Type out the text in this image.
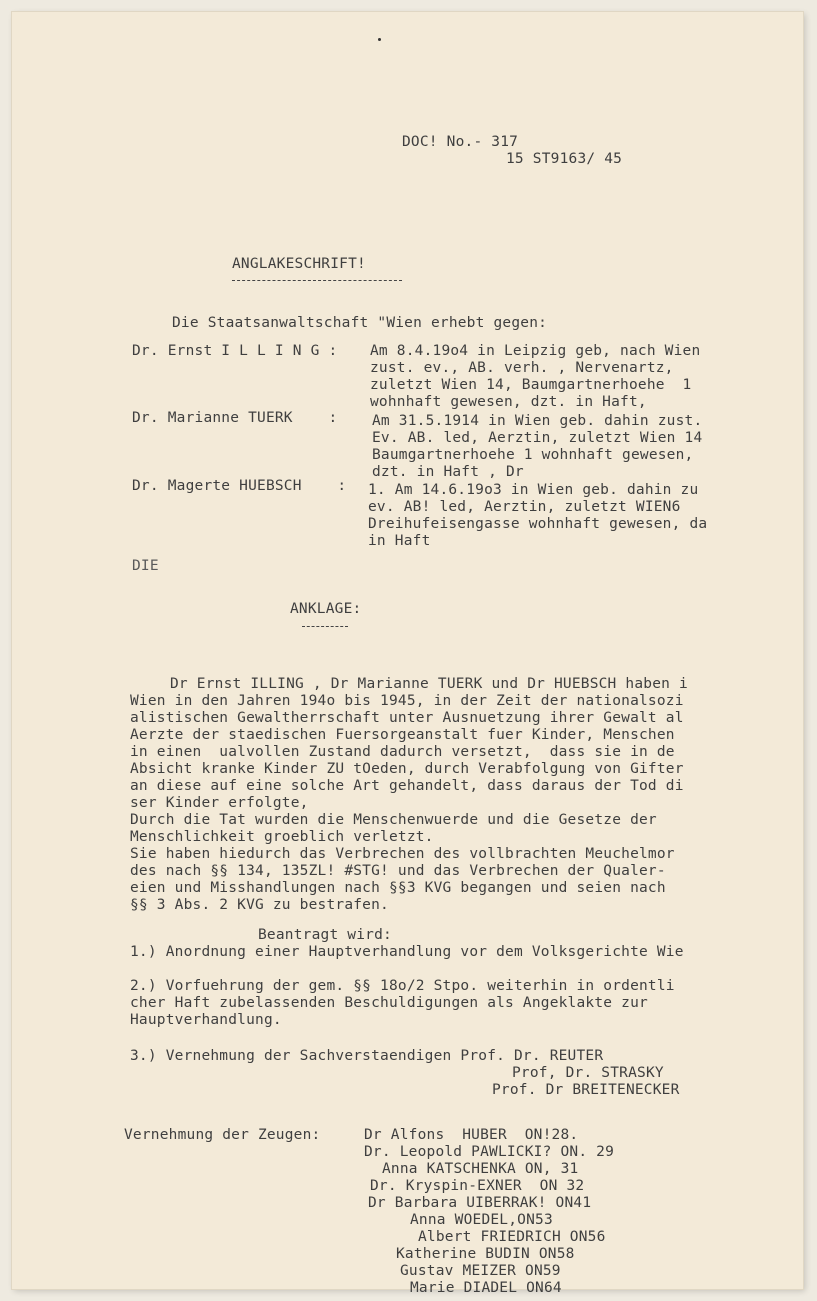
DOC! No.- 317
15 ST9163/ 45
ANGLAKESCHRIFT!
Die Staatsanwaltschaft "Wien erhebt gegen:
Dr. Ernst I L L I N G : Am 8.4.19o4 in Leipzig geb, nach Wien
zust. ev., AB. verh. , Nervenartz,
zuletzt Wien 14, Baumgartnerhoehe  1
wohnhaft gewesen, dzt. in Haft,
Dr. Marianne TUERK    : Am 31.5.1914 in Wien geb. dahin zust.
Ev. AB. led, Aerztin, zuletzt Wien 14
Baumgartnerhoehe 1 wohnhaft gewesen,
dzt. in Haft , Dr
Dr. Magerte HUEBSCH    : 1. Am 14.6.19o3 in Wien geb. dahin zu
ev. AB! led, Aerztin, zuletzt WIEN6
Dreihufeisengasse wohnhaft gewesen, da
in Haft
DIE
ANKLAGE:
Dr Ernst ILLING , Dr Marianne TUERK und Dr HUEBSCH haben i
Wien in den Jahren 194o bis 1945, in der Zeit der nationalsozi
alistischen Gewaltherrschaft unter Ausnuetzung ihrer Gewalt al
Aerzte der staedischen Fuersorgeanstalt fuer Kinder, Menschen
in einen  ualvollen Zustand dadurch versetzt,  dass sie in de
Absicht kranke Kinder ZU tOeden, durch Verabfolgung von Gifter
an diese auf eine solche Art gehandelt, dass daraus der Tod di
ser Kinder erfolgte,
Durch die Tat wurden die Menschenwuerde und die Gesetze der
Menschlichkeit groeblich verletzt.
Sie haben hiedurch das Verbrechen des vollbrachten Meuchelmor
des nach §§ 134, 135ZL! #STG! und das Verbrechen der Qualer-
eien und Misshandlungen nach §§3 KVG begangen und seien nach
§§ 3 Abs. 2 KVG zu bestrafen.
Beantragt wird:
1.) Anordnung einer Hauptverhandlung vor dem Volksgerichte Wie
2.) Vorfuehrung der gem. §§ 18o/2 Stpo. weiterhin in ordentli
cher Haft zubelassenden Beschuldigungen als Angeklakte zur
Hauptverhandlung.
3.) Vernehmung der Sachverstaendigen Prof. Dr. REUTER
Prof, Dr. STRASKY
Prof. Dr BREITENECKER
Vernehmung der Zeugen:	Dr Alfons  HUBER  ON!28.
Dr. Leopold PAWLICKI? ON. 29
Anna KATSCHENKA ON, 31
Dr. Kryspin-EXNER  ON 32
Dr Barbara UIBERRAK! ON41
Anna WOEDEL,ON53
Albert FRIEDRICH ON56
Katherine BUDIN ON58
Gustav MEIZER ON59
Marie DIADEL ON64
